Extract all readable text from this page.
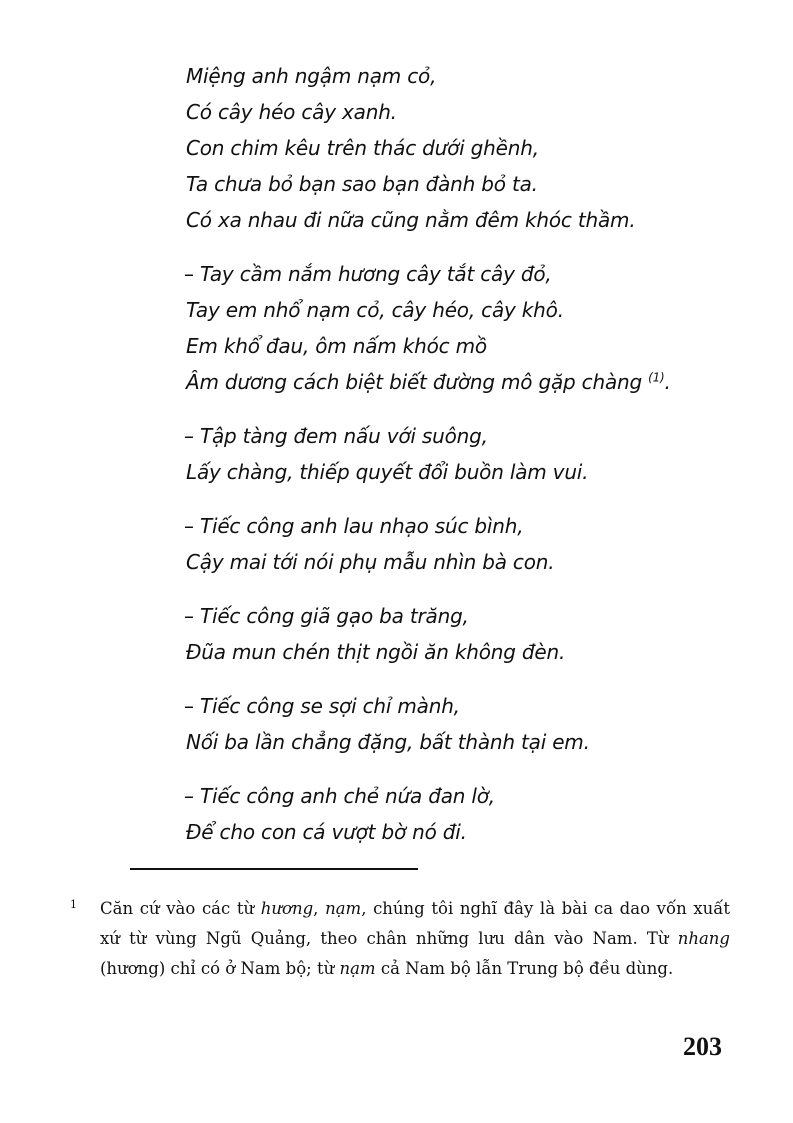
Miệng anh ngậm nạm cỏ,
Có cây héo cây xanh.
Con chim kêu trên thác dưới ghềnh,
Ta chưa bỏ bạn sao bạn đành bỏ ta.
Có xa nhau đi nữa cũng nằm đêm khóc thầm.
– Tay cầm nắm hương cây tắt cây đỏ,
Tay em nhổ nạm cỏ, cây héo, cây khô.
Em khổ đau, ôm nấm khóc mồ
Âm dương cách biệt biết đường mô gặp chàng $^{(1)}$.
– Tập tàng đem nấu với suông,
Lấy chàng, thiếp quyết đổi buồn làm vui.
– Tiếc công anh lau nhạo súc bình,
Cậy mai tới nói phụ mẫu nhìn bà con.
– Tiếc công giã gạo ba trăng,
Đũa mun chén thịt ngồi ăn không đèn.
– Tiếc công se sợi chỉ mành,
Nối ba lần chẳng đặng, bất thành tại em.
– Tiếc công anh chẻ nứa đan lờ,
Để cho con cá vượt bờ nó đi.
1 Căn cứ vào các từ hương, nạm, chúng tôi nghĩ đây là bài ca dao vốn xuất xứ từ vùng Ngũ Quảng, theo chân những lưu dân vào Nam. Từ nhang (hương) chỉ có ở Nam bộ; từ nạm cả Nam bộ lẫn Trung bộ đều dùng.
203
